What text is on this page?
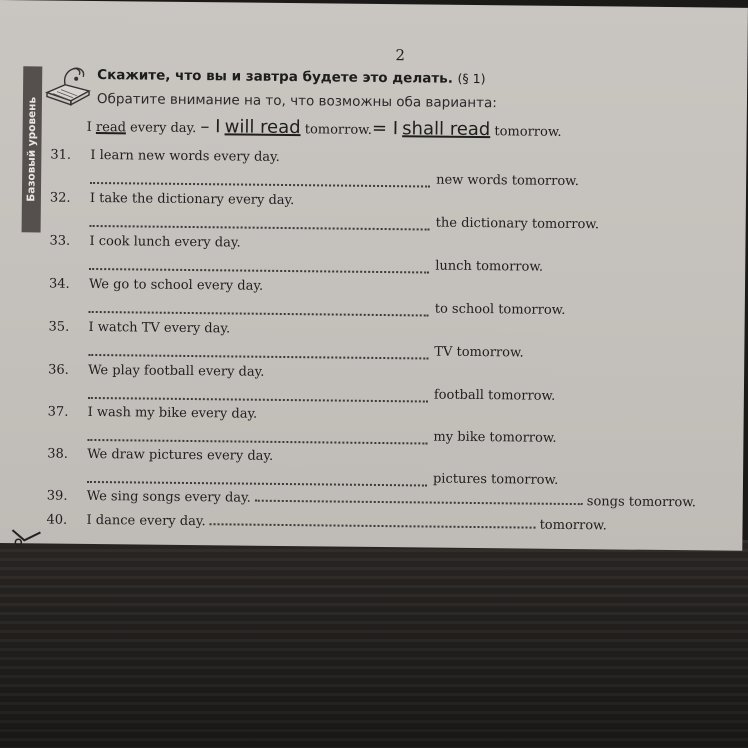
2
Базовый уровень
Скажите, что вы и завтра будете это делать. (§ 1)
Обратите внимание на то, что возможны оба варианта:
I read every day. – I will read tomorrow.= I shall read tomorrow.
31. I learn new words every day.
new words tomorrow.
32. I take the dictionary every day.
the dictionary tomorrow.
33. I cook lunch every day.
lunch tomorrow.
34. We go to school every day.
to school tomorrow.
35. I watch TV every day.
TV tomorrow.
36. We play football every day.
football tomorrow.
37. I wash my bike every day.
my bike tomorrow.
38. We draw pictures every day.
pictures tomorrow.
39. We sing songs every day.	songs tomorrow.
40. I dance every day.	tomorrow.
